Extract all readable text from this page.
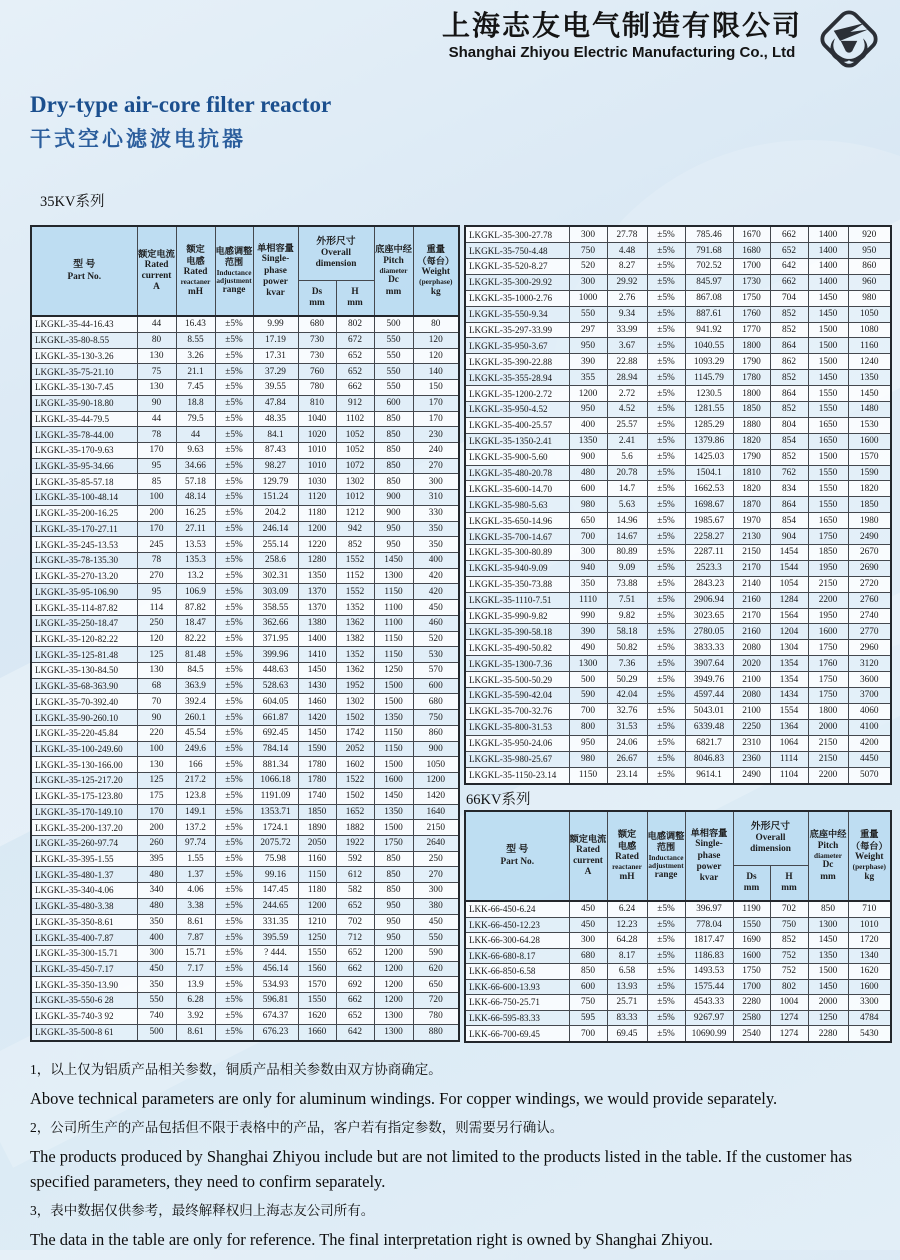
上海志友电气制造有限公司
Shanghai Zhiyou Electric Manufacturing Co., Ltd
Dry-type air-core filter reactor
干式空心滤波电抗器
35KV系列
66KV系列
型 号
Part No.

额定电流
Rated
current
A

额定
电感
Rated
reactaner
mH

电感调整
范围
Inductance
adjustment
range

单相容量
Single-
phase
power
kvar

外形尺寸
Overall
dimension

底座中经
Pitch
diameter
Dc
mm

重量
（每台）
Weight
(perphase)
kg

Ds
mm

H
mm

LKGKL-35-44-16.43	44	16.43	±5%	9.99	680	802	500	80
LKGKL-35-80-8.55	80	8.55	±5%	17.19	730	672	550	120
LKGKL-35-130-3.26	130	3.26	±5%	17.31	730	652	550	120
LKGKL-35-75-21.10	75	21.1	±5%	37.29	760	652	550	140
LKGKL-35-130-7.45	130	7.45	±5%	39.55	780	662	550	150
LKGKL-35-90-18.80	90	18.8	±5%	47.84	810	912	600	170
LKGKL-35-44-79.5	44	79.5	±5%	48.35	1040	1102	850	170
LKGKL-35-78-44.00	78	44	±5%	84.1	1020	1052	850	230
LKGKL-35-170-9.63	170	9.63	±5%	87.43	1010	1052	850	240
LKGKL-35-95-34.66	95	34.66	±5%	98.27	1010	1072	850	270
LKGKL-35-85-57.18	85	57.18	±5%	129.79	1030	1302	850	300
LKGKL-35-100-48.14	100	48.14	±5%	151.24	1120	1012	900	310
LKGKL-35-200-16.25	200	16.25	±5%	204.2	1180	1212	900	330
LKGKL-35-170-27.11	170	27.11	±5%	246.14	1200	942	950	350
LKGKL-35-245-13.53	245	13.53	±5%	255.14	1220	852	950	350
LKGKL-35-78-135.30	78	135.3	±5%	258.6	1280	1552	1450	400
LKGKL-35-270-13.20	270	13.2	±5%	302.31	1350	1152	1300	420
LKGKL-35-95-106.90	95	106.9	±5%	303.09	1370	1552	1150	420
LKGKL-35-114-87.82	114	87.82	±5%	358.55	1370	1352	1100	450
LKGKL-35-250-18.47	250	18.47	±5%	362.66	1380	1362	1100	460
LKGKL-35-120-82.22	120	82.22	±5%	371.95	1400	1382	1150	520
LKGKL-35-125-81.48	125	81.48	±5%	399.96	1410	1352	1150	530
LKGKL-35-130-84.50	130	84.5	±5%	448.63	1450	1362	1250	570
LKGKL-35-68-363.90	68	363.9	±5%	528.63	1430	1952	1500	600
LKGKL-35-70-392.40	70	392.4	±5%	604.05	1460	1302	1500	680
LKGKL-35-90-260.10	90	260.1	±5%	661.87	1420	1502	1350	750
LKGKL-35-220-45.84	220	45.54	±5%	692.45	1450	1742	1150	860
LKGKL-35-100-249.60	100	249.6	±5%	784.14	1590	2052	1150	900
LKGKL-35-130-166.00	130	166	±5%	881.34	1780	1602	1500	1050
LKGKL-35-125-217.20	125	217.2	±5%	1066.18	1780	1522	1600	1200
LKGKL-35-175-123.80	175	123.8	±5%	1191.09	1740	1502	1450	1420
LKGKL-35-170-149.10	170	149.1	±5%	1353.71	1850	1652	1350	1640
LKGKL-35-200-137.20	200	137.2	±5%	1724.1	1890	1882	1500	2150
LKGKL-35-260-97.74	260	97.74	±5%	2075.72	2050	1922	1750	2640
LKGKL-35-395-1.55	395	1.55	±5%	75.98	1160	592	850	250
LKGKL-35-480-1.37	480	1.37	±5%	99.16	1150	612	850	270
LKGKL-35-340-4.06	340	4.06	±5%	147.45	1180	582	850	300
LKGKL-35-480-3.38	480	3.38	±5%	244.65	1200	652	950	380
LKGKL-35-350-8.61	350	8.61	±5%	331.35	1210	702	950	450
LKGKL-35-400-7.87	400	7.87	±5%	395.59	1250	712	950	550
LKGKL-35-300-15.71	300	15.71	±5%	? 444.	1550	652	1200	590
LKGKL-35-450-7.17	450	7.17	±5%	456.14	1560	662	1200	620
LKGKL-35-350-13.90	350	13.9	±5%	534.93	1570	692	1200	650
LKGKL-35-550-6 28	550	6.28	±5%	596.81	1550	662	1200	720
LKGKL-35-740-3 92	740	3.92	±5%	674.37	1620	652	1300	780
LKGKL-35-500-8 61	500	8.61	±5%	676.23	1660	642	1300	880
LKGKL-35-300-27.78	300	27.78	±5%	785.46	1670	662	1400	920
LKGKL-35-750-4.48	750	4.48	±5%	791.68	1680	652	1400	950
LKGKL-35-520-8.27	520	8.27	±5%	702.52	1700	642	1400	860
LKGKL-35-300-29.92	300	29.92	±5%	845.97	1730	662	1400	960
LKGKL-35-1000-2.76	1000	2.76	±5%	867.08	1750	704	1450	980
LKGKL-35-550-9.34	550	9.34	±5%	887.61	1760	852	1450	1050
LKGKL-35-297-33.99	297	33.99	±5%	941.92	1770	852	1500	1080
LKGKL-35-950-3.67	950	3.67	±5%	1040.55	1800	864	1500	1160
LKGKL-35-390-22.88	390	22.88	±5%	1093.29	1790	862	1500	1240
LKGKL-35-355-28.94	355	28.94	±5%	1145.79	1780	852	1450	1350
LKGKL-35-1200-2.72	1200	2.72	±5%	1230.5	1800	864	1550	1450
LKGKL-35-950-4.52	950	4.52	±5%	1281.55	1850	852	1550	1480
LKGKL-35-400-25.57	400	25.57	±5%	1285.29	1880	804	1650	1530
LKGKL-35-1350-2.41	1350	2.41	±5%	1379.86	1820	854	1650	1600
LKGKL-35-900-5.60	900	5.6	±5%	1425.03	1790	852	1500	1570
LKGKL-35-480-20.78	480	20.78	±5%	1504.1	1810	762	1550	1590
LKGKL-35-600-14.70	600	14.7	±5%	1662.53	1820	834	1550	1820
LKGKL-35-980-5.63	980	5.63	±5%	1698.67	1870	864	1550	1850
LKGKL-35-650-14.96	650	14.96	±5%	1985.67	1970	854	1650	1980
LKGKL-35-700-14.67	700	14.67	±5%	2258.27	2130	904	1750	2490
LKGKL-35-300-80.89	300	80.89	±5%	2287.11	2150	1454	1850	2670
LKGKL-35-940-9.09	940	9.09	±5%	2523.3	2170	1544	1950	2690
LKGKL-35-350-73.88	350	73.88	±5%	2843.23	2140	1054	2150	2720
LKGKL-35-1110-7.51	1110	7.51	±5%	2906.94	2160	1284	2200	2760
LKGKL-35-990-9.82	990	9.82	±5%	3023.65	2170	1564	1950	2740
LKGKL-35-390-58.18	390	58.18	±5%	2780.05	2160	1204	1600	2770
LKGKL-35-490-50.82	490	50.82	±5%	3833.33	2080	1304	1750	2960
LKGKL-35-1300-7.36	1300	7.36	±5%	3907.64	2020	1354	1760	3120
LKGKL-35-500-50.29	500	50.29	±5%	3949.76	2100	1354	1750	3600
LKGKL-35-590-42.04	590	42.04	±5%	4597.44	2080	1434	1750	3700
LKGKL-35-700-32.76	700	32.76	±5%	5043.01	2100	1554	1800	4060
LKGKL-35-800-31.53	800	31.53	±5%	6339.48	2250	1364	2000	4100
LKGKL-35-950-24.06	950	24.06	±5%	6821.7	2310	1064	2150	4200
LKGKL-35-980-25.67	980	26.67	±5%	8046.83	2360	1114	2150	4450
LKGKL-35-1150-23.14	1150	23.14	±5%	9614.1	2490	1104	2200	5070
型 号
Part No.

额定电流
Rated
current
A

额定
电感
Rated
reactaner
mH

电感调整
范围
Inductance
adjustment
range

单相容量
Single-
phase
power
kvar

外形尺寸
Overall
dimension

底座中经
Pitch
diameter
Dc
mm

重量
（每台）
Weight
(perphase)
kg

Ds
mm

H
mm

LKK-66-450-6.24	450	6.24	±5%	396.97	1190	702	850	710
LKK-66-450-12.23	450	12.23	±5%	778.04	1550	750	1300	1010
LKK-66-300-64.28	300	64.28	±5%	1817.47	1690	852	1450	1720
LKK-66-680-8.17	680	8.17	±5%	1186.83	1600	752	1350	1340
LKK-66-850-6.58	850	6.58	±5%	1493.53	1750	752	1500	1620
LKK-66-600-13.93	600	13.93	±5%	1575.44	1700	802	1450	1600
LKK-66-750-25.71	750	25.71	±5%	4543.33	2280	1004	2000	3300
LKK-66-595-83.33	595	83.33	±5%	9267.97	2580	1274	1250	4784
LKK-66-700-69.45	700	69.45	±5%	10690.99	2540	1274	2280	5430

1，以上仅为铝质产品相关参数，铜质产品相关参数由双方协商确定。

Above technical parameters are only for aluminum windings. For copper windings, we would provide separately.

2，公司所生产的产品包括但不限于表格中的产品，客户若有指定参数，则需要另行确认。

The products produced by Shanghai Zhiyou include but are not limited to the products listed in the table. If the customer has specified parameters, they need to confirm separately.

3，表中数据仅供参考，最终解释权归上海志友公司所有。

The data in the table are only for reference. The final interpretation right is owned by Shanghai Zhiyou.
